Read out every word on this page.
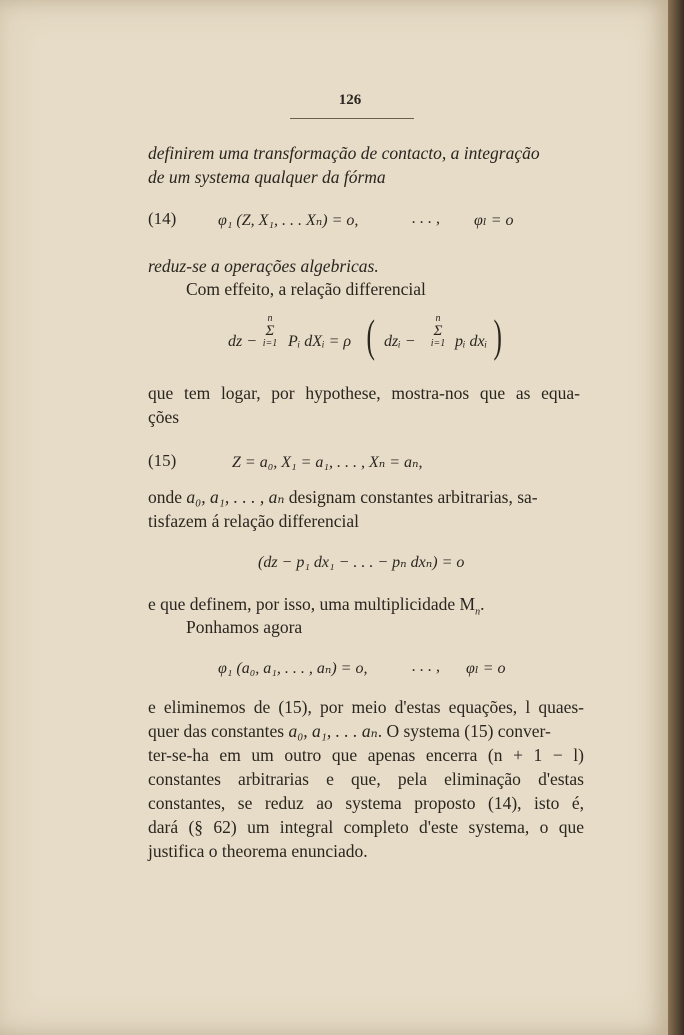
126
definirem uma transformação de contacto, a integração
de um systema qualquer da fórma
(14)	φ₁ (Z, X₁, . . . Xₙ) = o,	. . . , φₗ = o
reduz-se a operações algebricas.
Com effeito, a relação differencial
dz −
n
Σ
i=1 Pᵢ dXᵢ = ρ ( dzᵢ −
n
Σ
i=1 pᵢ dxᵢ )
que tem logar, por hypothese, mostra-nos que as equa-
ções
(15)	Z = a₀, X₁ = a₁, . . . , Xₙ = aₙ,
onde a₀, a₁, . . . , aₙ designam constantes arbitrarias, sa-
tisfazem á relação differencial
(dz − p₁ dx₁ − . . . − pₙ dxₙ) = o
e que definem, por isso, uma multiplicidade $M_n$.
Ponhamos agora
φ₁ (a₀, a₁, . . . , aₙ) = o,	. . . , φₗ = o
e eliminemos de (15), por meio d'estas equações, l quaes-
quer das constantes a₀, a₁, . . . aₙ. O systema (15) conver-
ter-se-ha em um outro que apenas encerra (n + 1 − l)
constantes arbitrarias e que, pela eliminação d'estas
constantes, se reduz ao systema proposto (14), isto é,
dará (§ 62) um integral completo d'este systema, o que
justifica o theorema enunciado.
